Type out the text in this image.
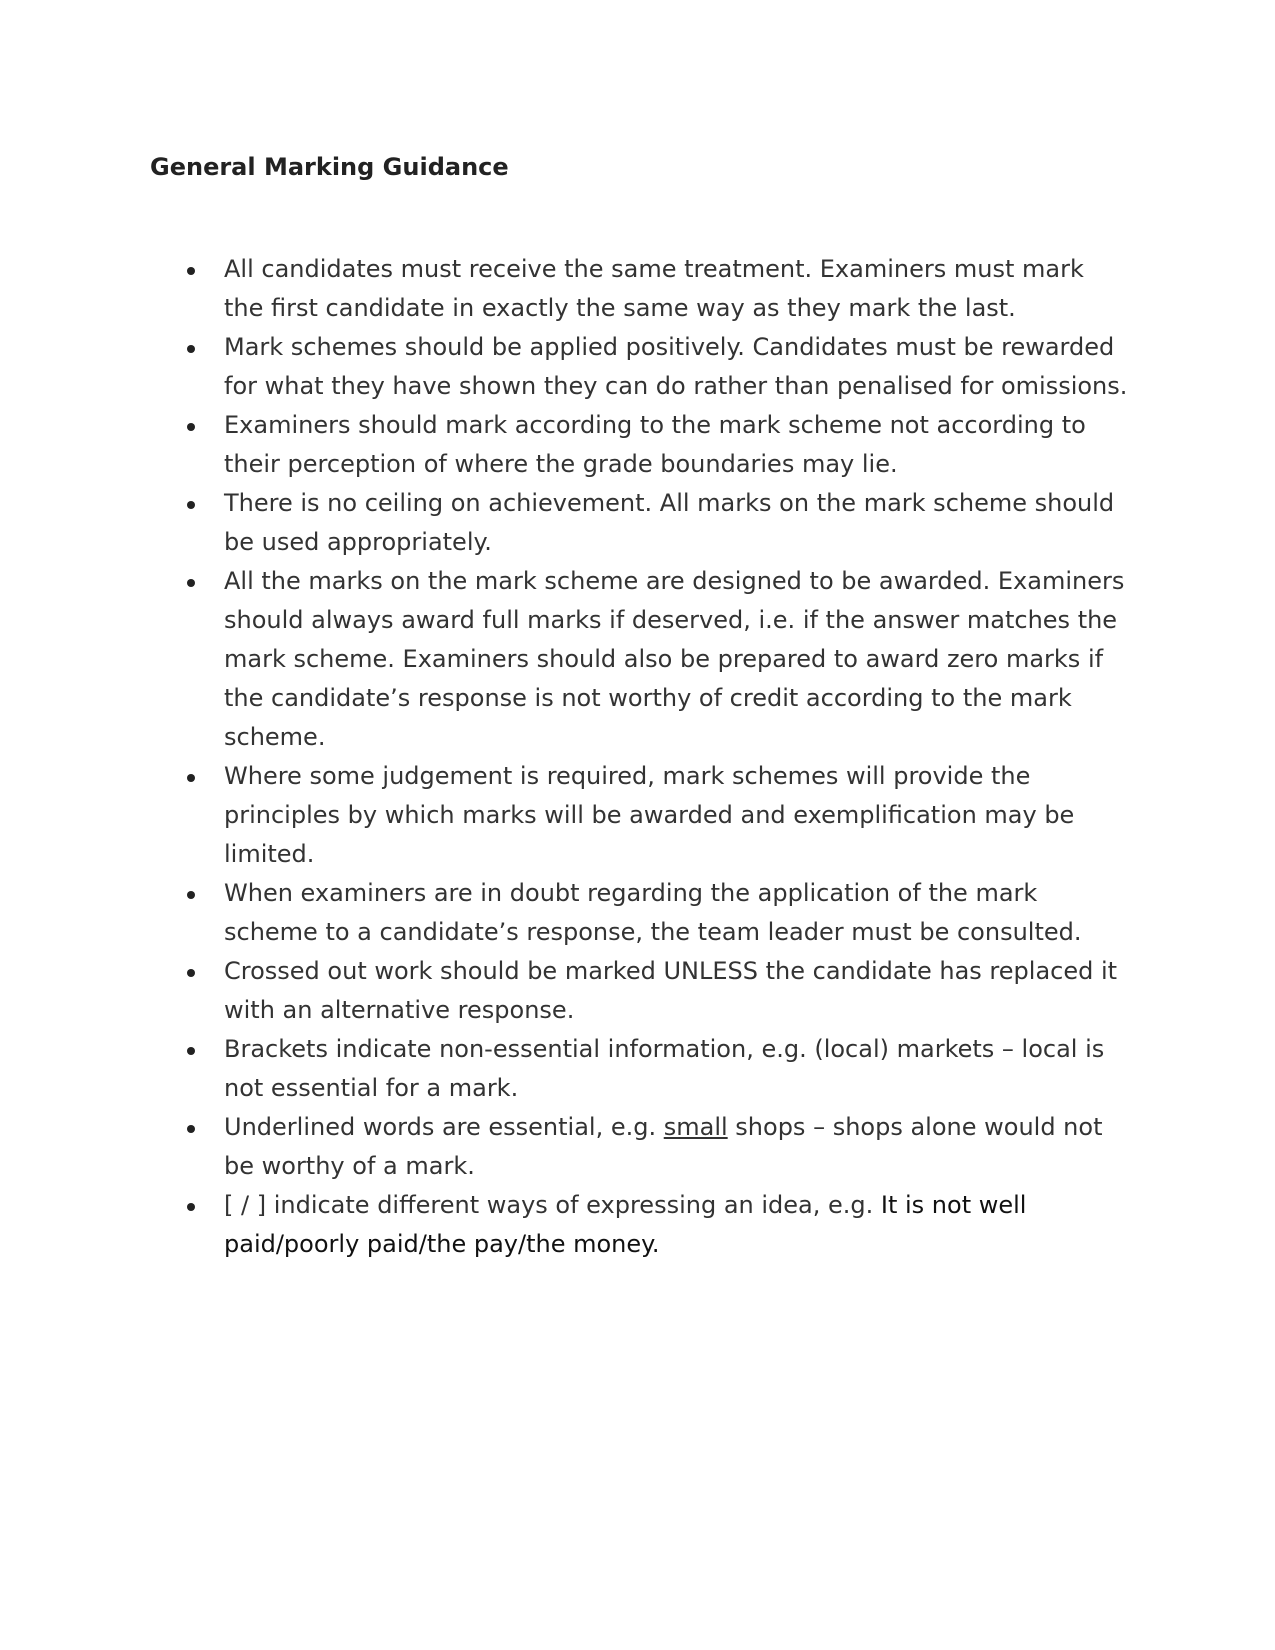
General Marking Guidance
All candidates must receive the same treatment. Examiners must mark the first candidate in exactly the same way as they mark the last.
Mark schemes should be applied positively. Candidates must be rewarded for what they have shown they can do rather than penalised for omissions.
Examiners should mark according to the mark scheme not according to their perception of where the grade boundaries may lie.
There is no ceiling on achievement. All marks on the mark scheme should be used appropriately.
All the marks on the mark scheme are designed to be awarded. Examiners should always award full marks if deserved, i.e. if the answer matches the mark scheme. Examiners should also be prepared to award zero marks if the candidate’s response is not worthy of credit according to the mark scheme.
Where some judgement is required, mark schemes will provide the principles by which marks will be awarded and exemplification may be limited.
When examiners are in doubt regarding the application of the mark scheme to a candidate’s response, the team leader must be consulted.
Crossed out work should be marked UNLESS the candidate has replaced it with an alternative response.
Brackets indicate non-essential information, e.g. (local) markets – local is not essential for a mark.
Underlined words are essential, e.g. small shops – shops alone would not be worthy of a mark.
[ / ] indicate different ways of expressing an idea, e.g. It is not well paid/poorly paid/the pay/the money.
